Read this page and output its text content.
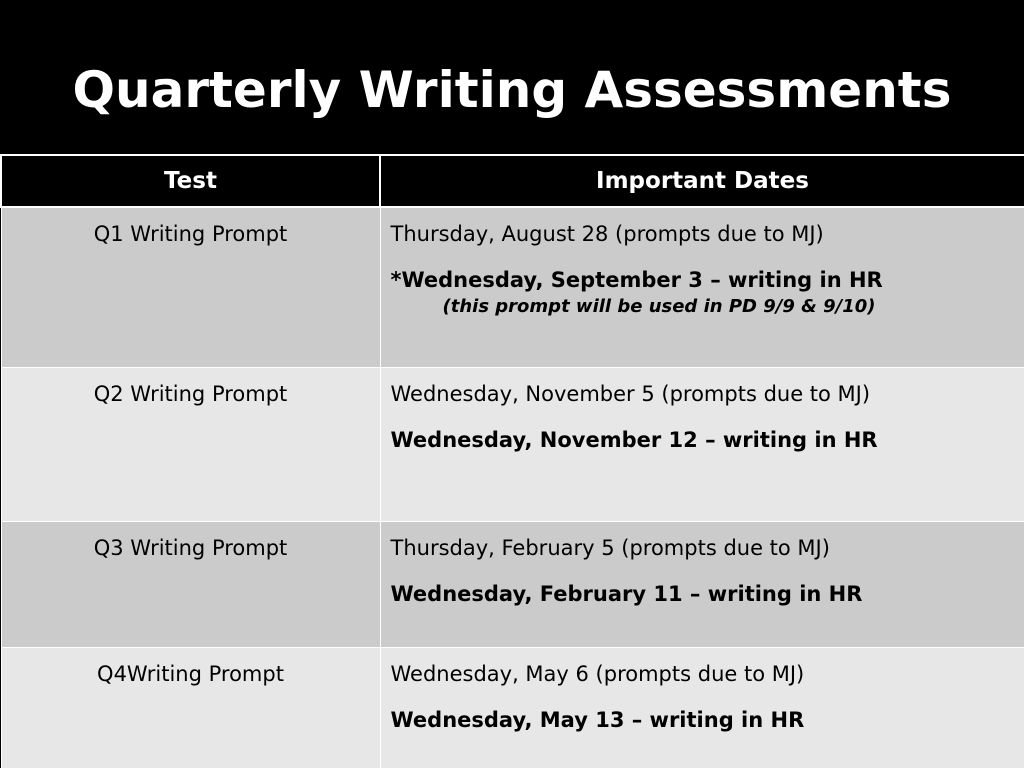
Quarterly Writing Assessments
Test	Important Dates
Q1 Writing Prompt	Thursday, August 28 (prompts due to MJ)
*Wednesday, September 3 – writing in HR
(this prompt will be used in PD 9/9 & 9/10)

Q2 Writing Prompt	Wednesday, November 5 (prompts due to MJ)
Wednesday, November 12 – writing in HR

Q3 Writing Prompt	Thursday, February 5 (prompts due to MJ)
Wednesday, February 11 – writing in HR

Q4Writing Prompt	Wednesday, May 6 (prompts due to MJ)
Wednesday, May 13 – writing in HR
